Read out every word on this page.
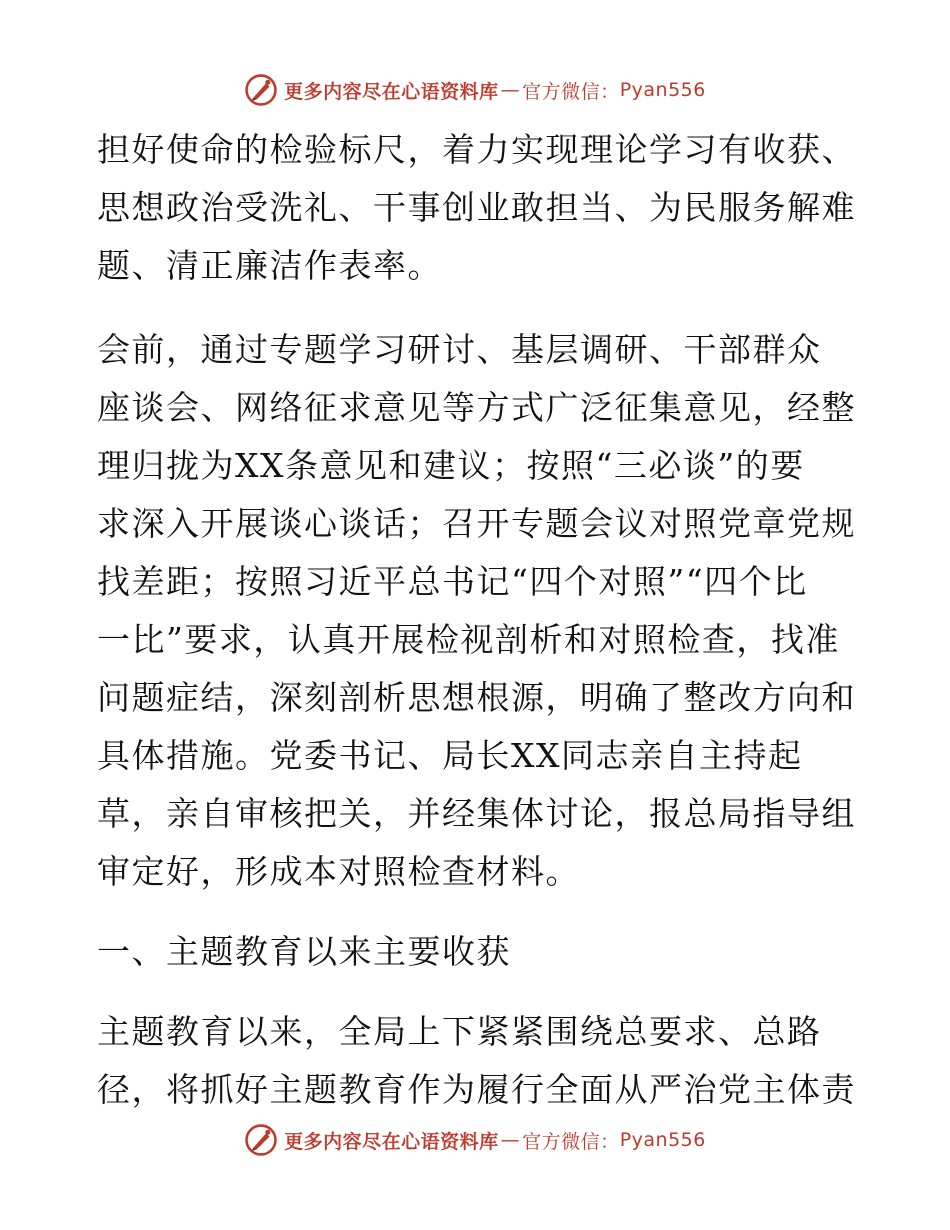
更多内容尽在心语资料库 — 官方微信： Pyan556
担好使命的检验标尺，着力实现理论学习有收获、
思想政治受洗礼、干事创业敢担当、为民服务解难
题、清正廉洁作表率。
会前，通过专题学习研讨、基层调研、干部群众
座谈会、网络征求意见等方式广泛征集意见，经整
理归拢为XX条意见和建议；按照“三必谈”的要
求深入开展谈心谈话；召开专题会议对照党章党规
找差距；按照习近平总书记“四个对照”“四个比
一比”要求，认真开展检视剖析和对照检查，找准
问题症结，深刻剖析思想根源，明确了整改方向和
具体措施。党委书记、局长XX同志亲自主持起
草，亲自审核把关，并经集体讨论，报总局指导组
审定好，形成本对照检查材料。
一、主题教育以来主要收获
主题教育以来，全局上下紧紧围绕总要求、总路
径，将抓好主题教育作为履行全面从严治党主体责
更多内容尽在心语资料库 — 官方微信： Pyan556
